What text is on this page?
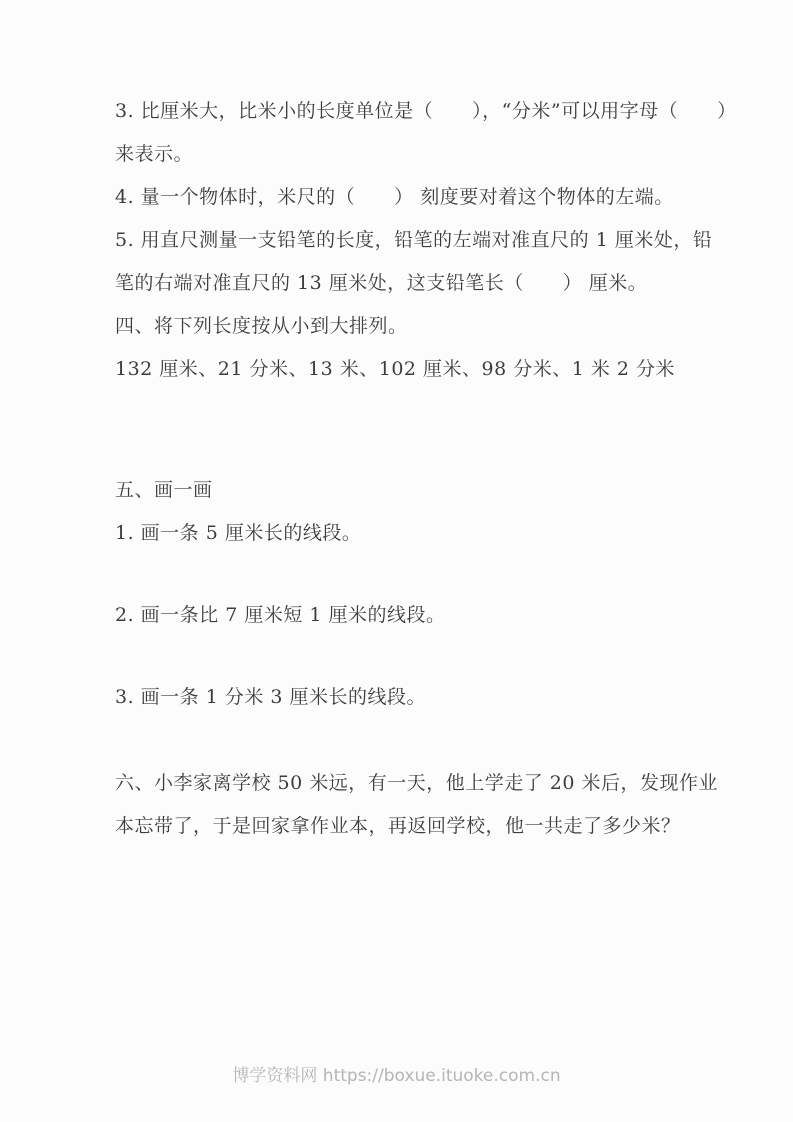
3. 比厘米大，比米小的长度单位是（　　），“分米”可以用字母（　　）

来表示。

4. 量一个物体时，米尺的（　　） 刻度要对着这个物体的左端。

5. 用直尺测量一支铅笔的长度，铅笔的左端对准直尺的 1 厘米处，铅

笔的右端对准直尺的 13 厘米处，这支铅笔长（　　） 厘米。

四、将下列长度按从小到大排列。

132 厘米、21 分米、13 米、102 厘米、98 分米、1 米 2 分米

五、画一画

1. 画一条 5 厘米长的线段。

2. 画一条比 7 厘米短 1 厘米的线段。

3. 画一条 1 分米 3 厘米长的线段。

六、小李家离学校 50 米远，有一天，他上学走了 20 米后，发现作业

本忘带了，于是回家拿作业本，再返回学校，他一共走了多少米？

博学资料网 https://boxue.ituoke.com.cn
